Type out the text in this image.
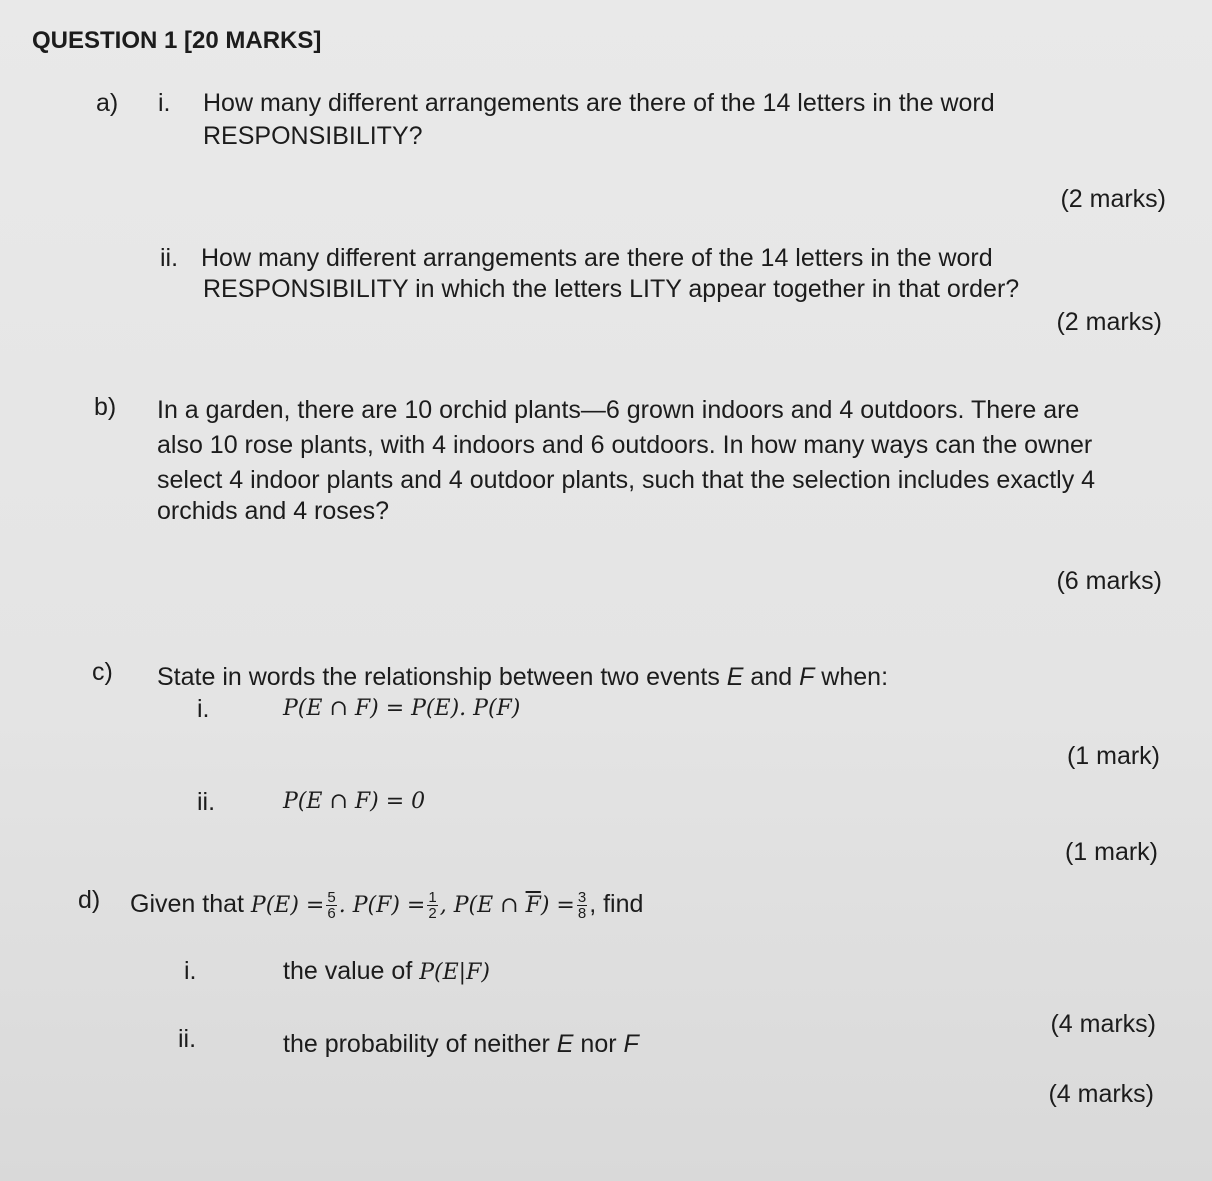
QUESTION 1 [20 MARKS]
a) i. How many different arrangements are there of the 14 letters in the word
RESPONSIBILITY?
(2 marks)
ii. How many different arrangements are there of the 14 letters in the word
RESPONSIBILITY in which the letters LITY appear together in that order?
(2 marks)
b) In a garden, there are 10 orchid plants—6 grown indoors and 4 outdoors. There are
also 10 rose plants, with 4 indoors and 6 outdoors. In how many ways can the owner
select 4 indoor plants and 4 outdoor plants, such that the selection includes exactly 4
orchids and 4 roses?
(6 marks)
c) State in words the relationship between two events E and F when:
i.	P(E ∩ F) = P(E). P(F)
(1 mark)
ii.	P(E ∩ F) = 0
(1 mark)
d) Given that $P(E) = \frac{5}{6}$ . $P(F) = \frac{1}{2}$ , P(E ∩ $\overline{F}) = \frac{3}{8}$ , find
i.	the value of P(E|F)
(4 marks)
ii.	the probability of neither E nor F
(4 marks)
